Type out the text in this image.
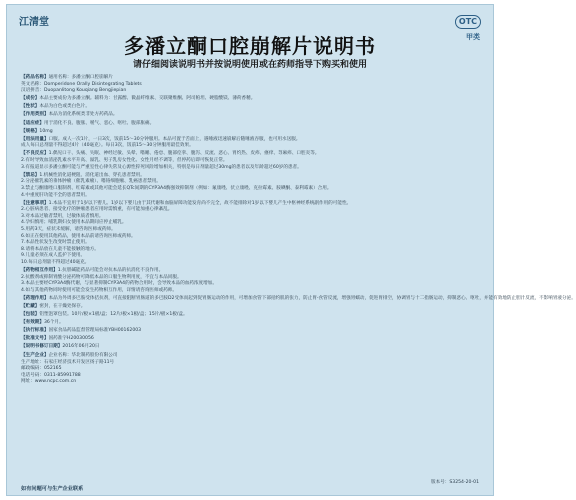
江清堂	OTC
甲类
多潘立酮口腔崩解片说明书
请仔细阅读说明书并按说明使用或在药师指导下购买和使用
【药品名称】通用名称：多潘立酮口腔崩解片
英文名称：Domperidone Orally Disintegrating Tablets
汉语拼音：Duopanlitong Kouqiang Bengjiepian
【成份】本品主要成份为多潘立酮。辅料为：甘露醇、微晶纤维素、交联聚维酮、阿司帕坦、硬脂酸镁、薄荷香精。
【性状】本品为白色或类白色片。
【作用类别】本品为消化系统类非处方药药品。
【适应症】用于消化不良、腹胀、嗳气、恶心、呕吐、腹部胀痛。
【规格】10mg
【用法用量】口服。成人一次1片，一日3次，饭前15～30分钟服用。本品可置于舌面上，遇唾液迅速崩解后随唾液吞服，也可用水送服。
成人每日总剂量不得超过4片（40毫克）。每日3次，饭前15～30分钟服用最佳效果。
【不良反应】1.偶见口干、头痛、失眠、神经过敏、头晕、嗜睡、倦怠、腹部痉挛、腹泻、反流、恶心、胃灼热、皮疹、瘙痒、荨麻疹、口腔炎等。
2.有时导致血清泌乳素水平升高、溢乳、男子乳房女性化、女性月经不调等，但停药后即可恢复正常。
3.有报道显示多潘立酮可能与严重室性心律失常及心源性猝死风险增加相关，特别是每日剂量超过30mg的患者以及年龄超过60岁的患者。
【禁忌】1.机械性消化道梗阻、消化道出血、穿孔患者禁用。
2.分泌催乳素的垂体肿瘤（催乳素瘤）、嗜铬细胞瘤、乳癌患者禁用。
3.禁止与酮康唑口服制剂、红霉素或其他可能会延长QTc间期的CYP3A4酶强效抑制剂（例如：氟康唑、伏立康唑、克拉霉素、胺碘酮、泰利霉素）合用。
4.中重度肝功能不全的患者禁用。
【注意事项】1.本品不宜用于1岁以下婴儿。1岁以下婴儿由于其代谢和血脑屏障功能发育尚不完全，故不能排除对1岁以下婴儿产生中枢神经系统副作用的可能性。
2.心脏病患者、接受化疗的肿瘤患者应用时需慎重，有可能加重心律紊乱。
3.对本品过敏者禁用，过敏体质者慎用。
4.孕妇慎用；哺乳期妇女使用本品期间应停止哺乳。
5.用药3天，症状未缓解，请咨询医师或药师。
6.如正在使用其他药品，使用本品前请咨询医师或药师。
7.本品性状发生改变时禁止使用。
8.请将本品放在儿童不能接触的地方。
9.儿童必须在成人监护下使用。
10.每日总剂量不得超过40毫克。
【药物相互作用】1.抗胆碱能药品可能会对抗本品的抗消化不良作用。
2.抗酸剂或抑制胃酸分泌药物可降低本品的口服生物利用度，不宜与本品同服。
3.本品主要经CYP3A4酶代谢，与显著抑制CYP3A4的药物合用时，会导致本品的血药浓度增加。
4.如与其他药物同时使用可能会发生药物相互作用，详情请咨询医师或药师。
【药理作用】本品为外周多巴胺受体拮抗剂，可直接阻断胃肠道的多巴胺D2受体而起到促胃肠运动的作用，可增加食管下部括约肌的张力，防止胃-食管反流，增强胃蠕动，促进胃排空，协调胃与十二指肠运动，抑制恶心、呕吐，并能有效地防止胆汁反流，不影响胃液分泌。
【贮藏】密封，在干燥处保存。
【包装】铝塑泡罩包装。10片/板×1板/盒；12片/板×1板/盒；15片/板×1板/盒。
【有效期】36个月。
【执行标准】国家食品药品监督管理局标准YBH00162003
【批准文号】国药准字H20030056
【说明书修订日期】2016年06月20日
【生产企业】企业名称：华北制药股份有限公司
生产地址：石家庄经济技术开发区扬子路11号
邮政编码：052165
电话号码：0311-85991788
网址：www.ncpc.com.cn
版本号：S3254-20-01
如有问题可与生产企业联系
